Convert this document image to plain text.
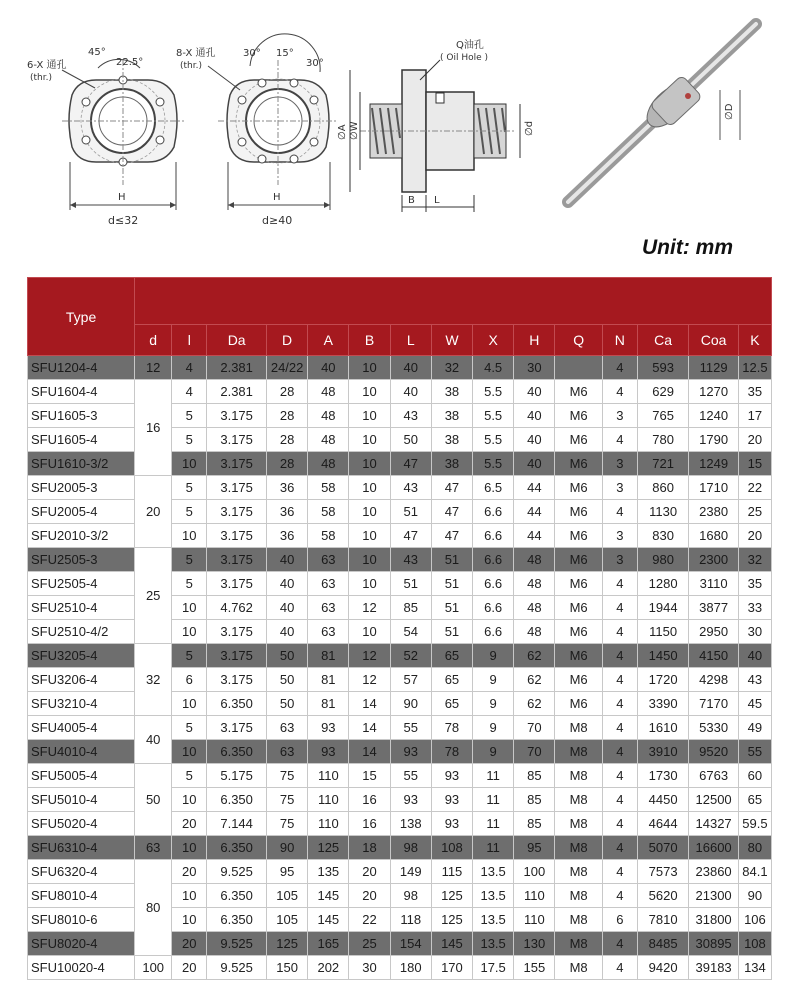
45°
22.5°
6-X 通孔
(thr.)
H
d≤32
30° 15°
30°
8-X 通孔
(thr.)
H
d≥40
Q油孔
( Oil Hole )
∅A ∅W	∅d
B L
∅D
Unit: mm
Type															
	d	l	Da	D	A	B	L	W	X	H	Q	N	Ca	Coa	K
SFU1204-4	12	4	2.381	24/22	40	10	40	32	4.5	30		4	593	1129	12.5
SFU1604-4	16	4	2.381	28	48	10	40	38	5.5	40	M6	4	629	1270	35
SFU1605-3		5	3.175	28	48	10	43	38	5.5	40	M6	3	765	1240	17
SFU1605-4		5	3.175	28	48	10	50	38	5.5	40	M6	4	780	1790	20
SFU1610-3/2		10	3.175	28	48	10	47	38	5.5	40	M6	3	721	1249	15
SFU2005-3	20	5	3.175	36	58	10	43	47	6.5	44	M6	3	860	1710	22
SFU2005-4		5	3.175	36	58	10	51	47	6.6	44	M6	4	1130	2380	25
SFU2010-3/2		10	3.175	36	58	10	47	47	6.6	44	M6	3	830	1680	20
SFU2505-3	25	5	3.175	40	63	10	43	51	6.6	48	M6	3	980	2300	32
SFU2505-4		5	3.175	40	63	10	51	51	6.6	48	M6	4	1280	3110	35
SFU2510-4		10	4.762	40	63	12	85	51	6.6	48	M6	4	1944	3877	33
SFU2510-4/2		10	3.175	40	63	10	54	51	6.6	48	M6	4	1150	2950	30
SFU3205-4	32	5	3.175	50	81	12	52	65	9	62	M6	4	1450	4150	40
SFU3206-4		6	3.175	50	81	12	57	65	9	62	M6	4	1720	4298	43
SFU3210-4		10	6.350	50	81	14	90	65	9	62	M6	4	3390	7170	45
SFU4005-4	40	5	3.175	63	93	14	55	78	9	70	M8	4	1610	5330	49
SFU4010-4		10	6.350	63	93	14	93	78	9	70	M8	4	3910	9520	55
SFU5005-4	50	5	5.175	75	110	15	55	93	11	85	M8	4	1730	6763	60
SFU5010-4		10	6.350	75	110	16	93	93	11	85	M8	4	4450	12500	65
SFU5020-4		20	7.144	75	110	16	138	93	11	85	M8	4	4644	14327	59.5
SFU6310-4	63	10	6.350	90	125	18	98	108	11	95	M8	4	5070	16600	80
SFU6320-4	80	20	9.525	95	135	20	149	115	13.5	100	M8	4	7573	23860	84.1
SFU8010-4		10	6.350	105	145	20	98	125	13.5	110	M8	4	5620	21300	90
SFU8010-6		10	6.350	105	145	22	118	125	13.5	110	M8	6	7810	31800	106
SFU8020-4		20	9.525	125	165	25	154	145	13.5	130	M8	4	8485	30895	108
SFU10020-4	100	20	9.525	150	202	30	180	170	17.5	155	M8	4	9420	39183	134
